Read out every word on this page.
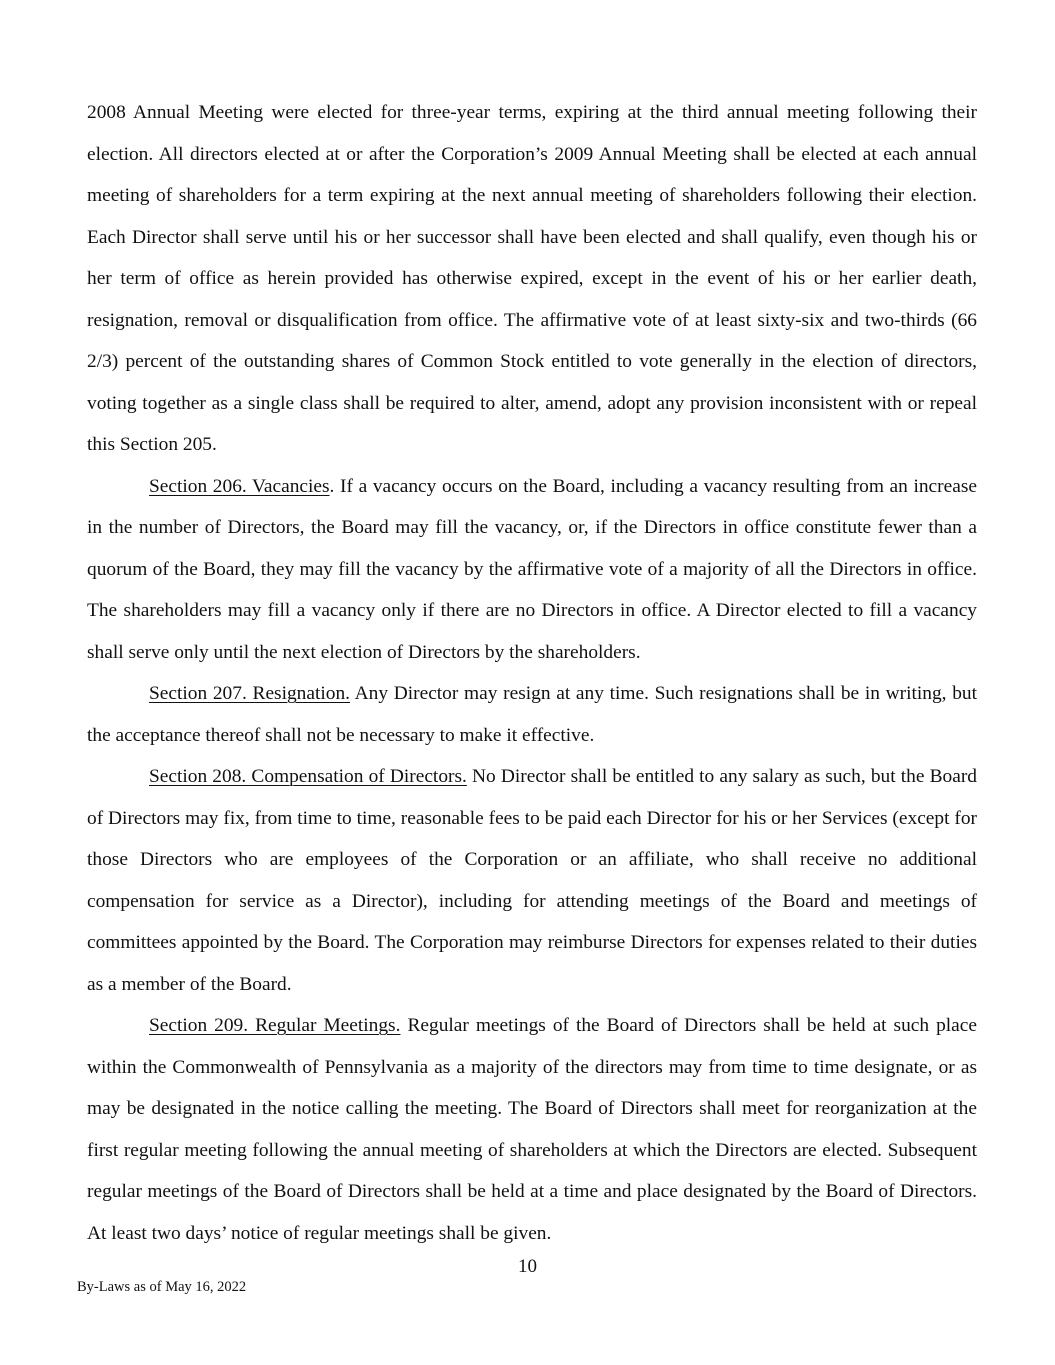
2008 Annual Meeting were elected for three-year terms, expiring at the third annual meeting following their election. All directors elected at or after the Corporation’s 2009 Annual Meeting shall be elected at each annual meeting of shareholders for a term expiring at the next annual meeting of shareholders following their election. Each Director shall serve until his or her successor shall have been elected and shall qualify, even though his or her term of office as herein provided has otherwise expired, except in the event of his or her earlier death, resignation, removal or disqualification from office. The affirmative vote of at least sixty-six and two-thirds (66 2/3) percent of the outstanding shares of Common Stock entitled to vote generally in the election of directors, voting together as a single class shall be required to alter, amend, adopt any provision inconsistent with or repeal this Section 205.

Section 206. Vacancies. If a vacancy occurs on the Board, including a vacancy resulting from an increase in the number of Directors, the Board may fill the vacancy, or, if the Directors in office constitute fewer than a quorum of the Board, they may fill the vacancy by the affirmative vote of a majority of all the Directors in office. The shareholders may fill a vacancy only if there are no Directors in office. A Director elected to fill a vacancy shall serve only until the next election of Directors by the shareholders.

Section 207. Resignation. Any Director may resign at any time. Such resignations shall be in writing, but the acceptance thereof shall not be necessary to make it effective.

Section 208. Compensation of Directors. No Director shall be entitled to any salary as such, but the Board of Directors may fix, from time to time, reasonable fees to be paid each Director for his or her Services (except for those Directors who are employees of the Corporation or an affiliate, who shall receive no additional compensation for service as a Director), including for attending meetings of the Board and meetings of committees appointed by the Board. The Corporation may reimburse Directors for expenses related to their duties as a member of the Board.

Section 209. Regular Meetings. Regular meetings of the Board of Directors shall be held at such place within the Commonwealth of Pennsylvania as a majority of the directors may from time to time designate, or as may be designated in the notice calling the meeting. The Board of Directors shall meet for reorganization at the first regular meeting following the annual meeting of shareholders at which the Directors are elected. Subsequent regular meetings of the Board of Directors shall be held at a time and place designated by the Board of Directors. At least two days’ notice of regular meetings shall be given.

10
By-Laws as of May 16, 2022
